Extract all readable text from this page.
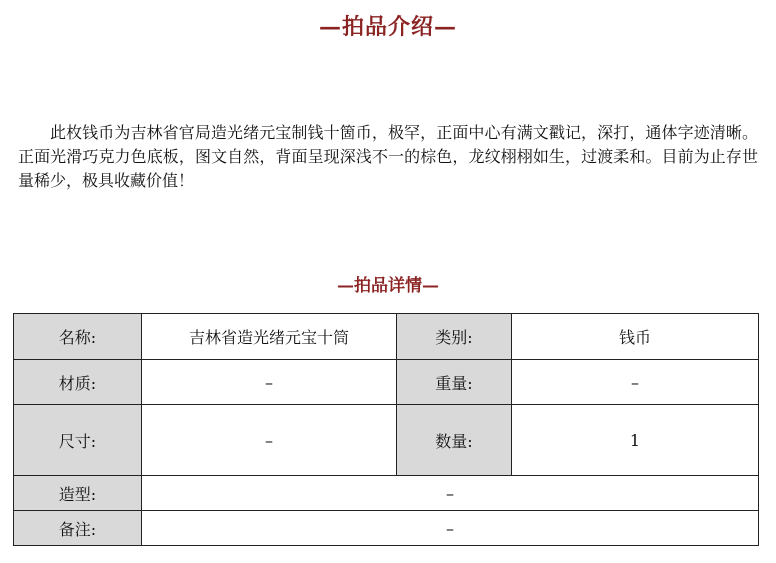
—拍品介绍—

此枚钱币为吉林省官局造光绪元宝制钱十箇币，极罕，正面中心有满文戳记，深打，通体字迹清晰。正面光滑巧克力色底板，图文自然，背面呈现深浅不一的棕色，龙纹栩栩如生，过渡柔和。目前为止存世量稀少，极具收藏价值！

—拍品详情—
名称:	吉林省造光绪元宝十筒	类别:	钱币
材质:	–	重量:	–
尺寸:	–	数量:	1
造型:	–		
备注:	–		
